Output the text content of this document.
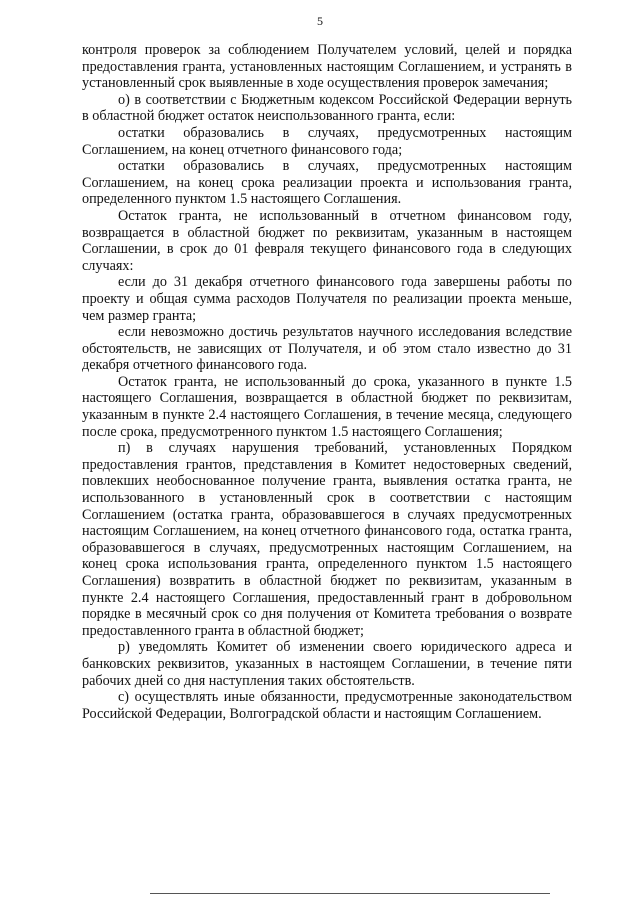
5

контроля проверок за соблюдением Получателем условий, целей и порядка предоставления гранта, установленных настоящим Соглашением, и устранять в установленный срок выявленные в ходе осуществления проверок замечания;

о) в соответствии с Бюджетным кодексом Российской Федерации вернуть в областной бюджет остаток неиспользованного гранта, если:

остатки образовались в случаях, предусмотренных настоящим Соглашением, на конец отчетного финансового года;

остатки образовались в случаях, предусмотренных настоящим Соглашением, на конец срока реализации проекта и использования гранта, определенного пунктом 1.5 настоящего Соглашения.

Остаток гранта, не использованный в отчетном финансовом году, возвращается в областной бюджет по реквизитам, указанным в настоящем Соглашении, в срок до 01 февраля текущего финансового года в следующих случаях:

если до 31 декабря отчетного финансового года завершены работы по проекту и общая сумма расходов Получателя по реализации проекта меньше, чем размер гранта;

если невозможно достичь результатов научного исследования вследствие обстоятельств, не зависящих от Получателя, и об этом стало известно до 31 декабря отчетного финансового года.

Остаток гранта, не использованный до срока, указанного в пункте 1.5 настоящего Соглашения, возвращается в областной бюджет по реквизитам, указанным в пункте 2.4 настоящего Соглашения, в течение месяца, следующего после срока, предусмотренного пунктом 1.5 настоящего Соглашения;

п) в случаях нарушения требований, установленных Порядком предоставления грантов, представления в Комитет недостоверных сведений, повлекших необоснованное получение гранта, выявления остатка гранта, не использованного в установленный срок в соответствии с настоящим Соглашением (остатка гранта, образовавшегося в случаях предусмотренных настоящим Соглашением, на конец отчетного финансового года, остатка гранта, образовавшегося в случаях, предусмотренных настоящим Соглашением, на конец срока использования гранта, определенного пунктом 1.5 настоящего Соглашения) возвратить в областной бюджет по реквизитам, указанным в пункте 2.4 настоящего Соглашения, предоставленный грант в добровольном порядке в месячный срок со дня получения от Комитета требования о возврате предоставленного гранта в областной бюджет;

р) уведомлять Комитет об изменении своего юридического адреса и банковских реквизитов, указанных в настоящем Соглашении, в течение пяти рабочих дней со дня наступления таких обстоятельств.

с) осуществлять иные обязанности, предусмотренные законодательством Российской Федерации, Волгоградской области и настоящим Соглашением.
